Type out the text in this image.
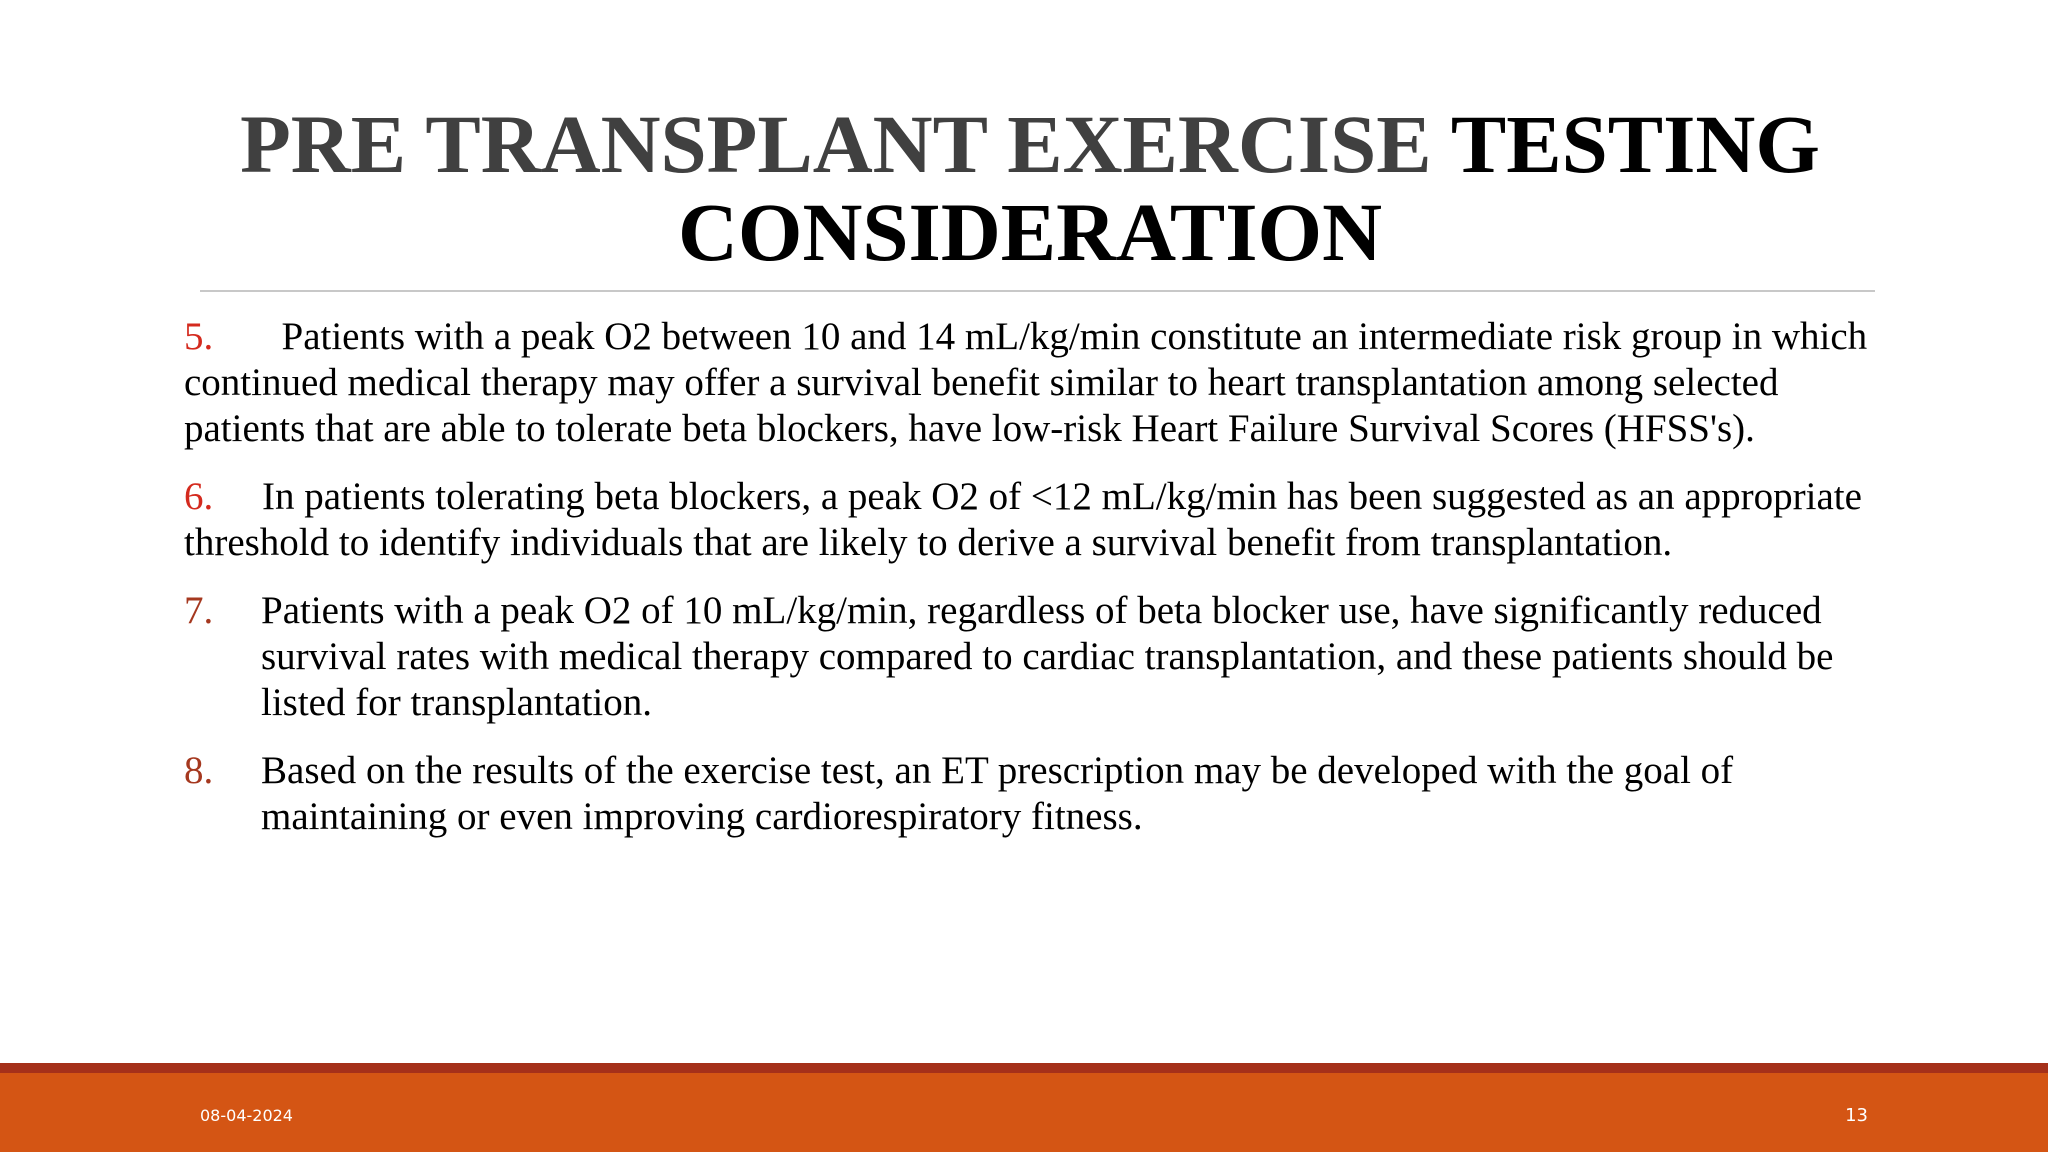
PRE TRANSPLANT EXERCISE TESTING
CONSIDERATION

5. Patients with a peak O2 between 10 and 14 mL/kg/min constitute an intermediate risk group in which continued medical therapy may offer a survival benefit similar to heart transplantation among selected patients that are able to tolerate beta blockers, have low-risk Heart Failure Survival Scores (HFSS's).

6. In patients tolerating beta blockers, a peak O2 of <12 mL/kg/min has been suggested as an appropriate threshold to identify individuals that are likely to derive a survival benefit from transplantation.

7.	Patients with a peak O2 of 10 mL/kg/min, regardless of beta blocker use, have significantly reduced survival rates with medical therapy compared to cardiac transplantation, and these patients should be listed for transplantation.
8.	Based on the results of the exercise test, an ET prescription may be developed with the goal of maintaining or even improving cardiorespiratory fitness.
08-04-2024	13
